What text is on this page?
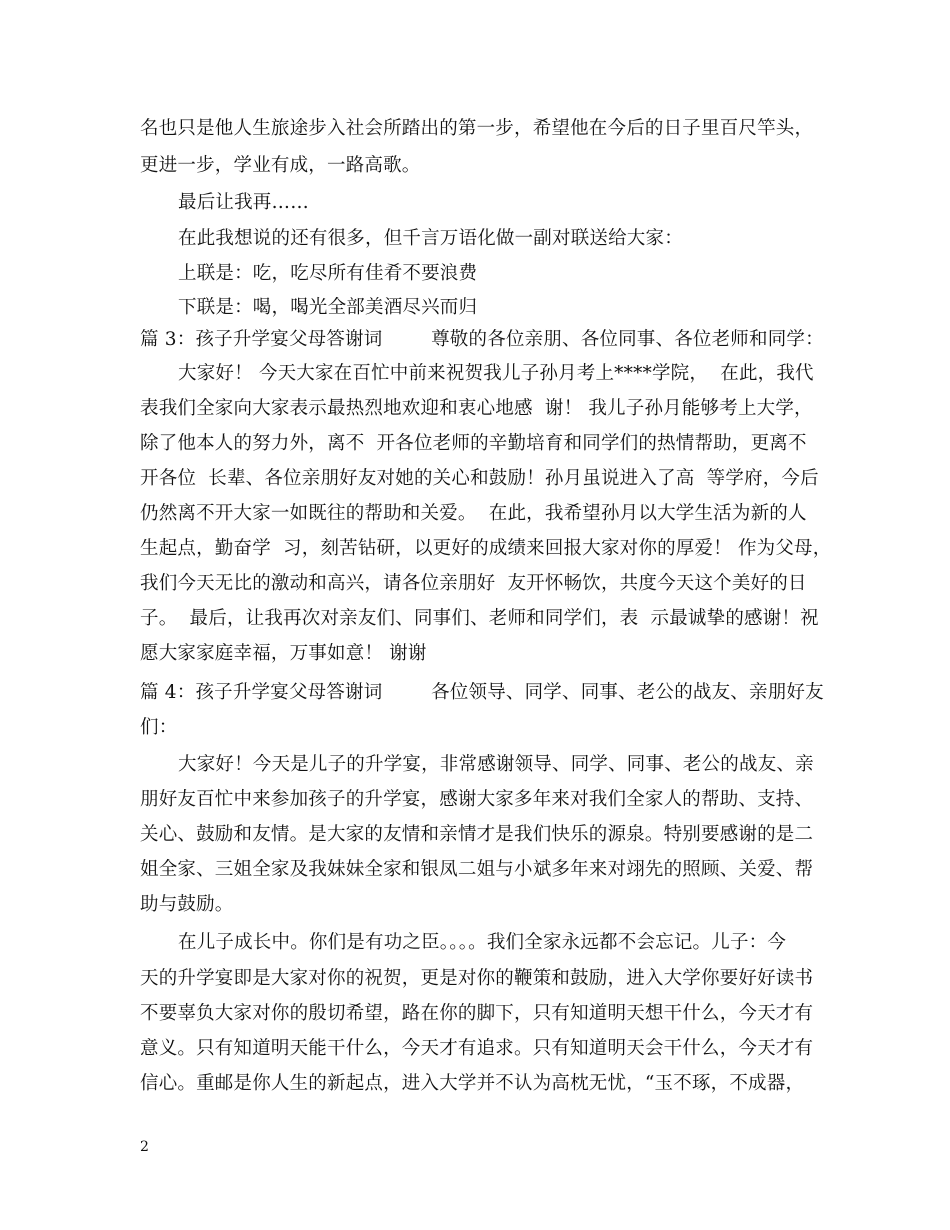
名也只是他人生旅途步入社会所踏出的第一步，希望他在今后的日子里百尺竿头，
更进一步，学业有成，一路高歌。
最后让我再……
在此我想说的还有很多，但千言万语化做一副对联送给大家：
上联是：吃，吃尽所有佳肴不要浪费
下联是：喝，喝光全部美酒尽兴而归
篇 3：孩子升学宴父母答谢词        尊敬的各位亲朋、各位同事、各位老师和同学：
大家好！ 今天大家在百忙中前来祝贺我儿子孙月考上****学院，  在此，我代
表我们全家向大家表示最热烈地欢迎和衷心地感  谢！ 我儿子孙月能够考上大学，
除了他本人的努力外，离不  开各位老师的辛勤培育和同学们的热情帮助，更离不
开各位  长辈、各位亲朋好友对她的关心和鼓励！孙月虽说进入了高  等学府，今后
仍然离不开大家一如既往的帮助和关爱。  在此，我希望孙月以大学生活为新的人
生起点，勤奋学  习，刻苦钻研，以更好的成绩来回报大家对你的厚爱！ 作为父母，
我们今天无比的激动和高兴，请各位亲朋好  友开怀畅饮，共度今天这个美好的日
子。  最后，让我再次对亲友们、同事们、老师和同学们，表  示最诚挚的感谢！祝
愿大家家庭幸福，万事如意！ 谢谢
篇 4：孩子升学宴父母答谢词        各位领导、同学、同事、老公的战友、亲朋好友
们：
大家好！今天是儿子的升学宴，非常感谢领导、同学、同事、老公的战友、亲
朋好友百忙中来参加孩子的升学宴，感谢大家多年来对我们全家人的帮助、支持、
关心、鼓励和友情。是大家的友情和亲情才是我们快乐的源泉。特别要感谢的是二
姐全家、三姐全家及我妹妹全家和银凤二姐与小斌多年来对翊先的照顾、关爱、帮
助与鼓励。
在儿子成长中。你们是有功之臣。。。。我们全家永远都不会忘记。儿子：今
天的升学宴即是大家对你的祝贺，更是对你的鞭策和鼓励，进入大学你要好好读书
不要辜负大家对你的殷切希望，路在你的脚下，只有知道明天想干什么，今天才有
意义。只有知道明天能干什么，今天才有追求。只有知道明天会干什么，今天才有
信心。重邮是你人生的新起点，进入大学并不认为高枕无忧，“玉不琢，不成器，
2
